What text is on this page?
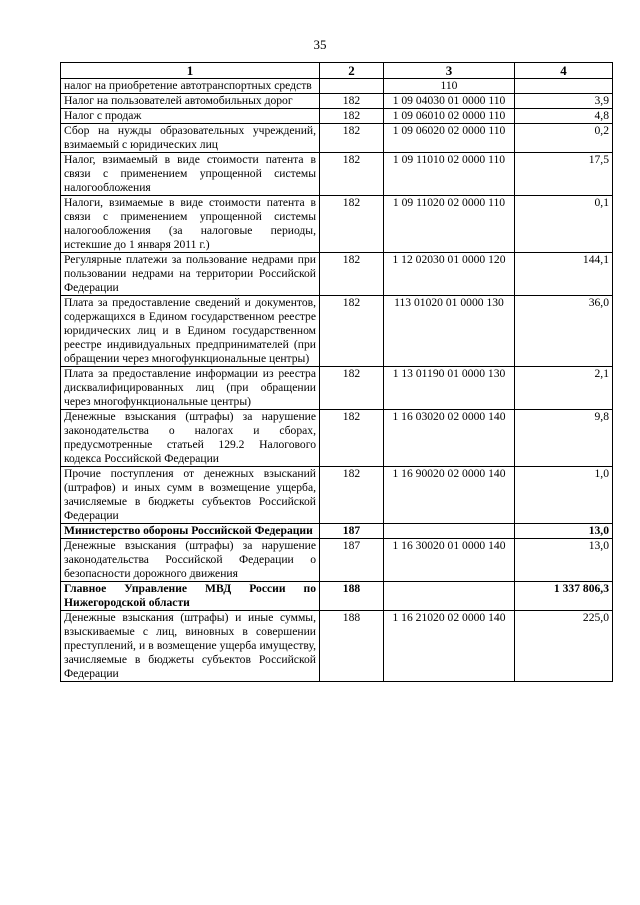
35
1	2	3	4
налог на приобретение автотранспортных средств		110	
Налог на пользователей автомобильных дорог	182	1 09 04030 01 0000 110	3,9
Налог с продаж	182	1 09 06010 02 0000 110	4,8
Сбор на нужды образовательных учреждений, взимаемый с юридических лиц	182	1 09 06020 02 0000 110	0,2
Налог, взимаемый в виде стоимости патента в связи с применением упрощенной системы налогообложения	182	1 09 11010 02 0000 110	17,5
Налоги, взимаемые в виде стоимости патента в связи с применением упрощенной системы налогообложения (за налоговые периоды, истекшие до 1 января 2011 г.)	182	1 09 11020 02 0000 110	0,1
Регулярные платежи за пользование недрами при пользовании недрами на территории Российской Федерации	182	1 12 02030 01 0000 120	144,1
Плата за предоставление сведений и документов, содержащихся в Едином государственном реестре юридических лиц и в Едином государственном реестре индивидуальных предпринимателей (при обращении через многофункциональные центры)	182	113 01020 01 0000 130	36,0
Плата за предоставление информации из реестра дисквалифицированных лиц (при обращении через многофункциональные центры)	182	1 13 01190 01 0000 130	2,1
Денежные взыскания (штрафы) за нарушение законодательства о налогах и сборах, предусмотренные статьей 129.2 Налогового кодекса Российской Федерации	182	1 16 03020 02 0000 140	9,8
Прочие поступления от денежных взысканий (штрафов) и иных сумм в возмещение ущерба, зачисляемые в бюджеты субъектов Российской Федерации	182	1 16 90020 02 0000 140	1,0
Министерство обороны Российской Федерации	187		13,0
Денежные взыскания (штрафы) за нарушение законодательства Российской Федерации о безопасности дорожного движения	187	1 16 30020 01 0000 140	13,0
Главное Управление МВД России по Нижегородской области	188		1 337 806,3
Денежные взыскания (штрафы) и иные суммы, взыскиваемые с лиц, виновных в совершении преступлений, и в возмещение ущерба имуществу, зачисляемые в бюджеты субъектов Российской Федерации	188	1 16 21020 02 0000 140	225,0
